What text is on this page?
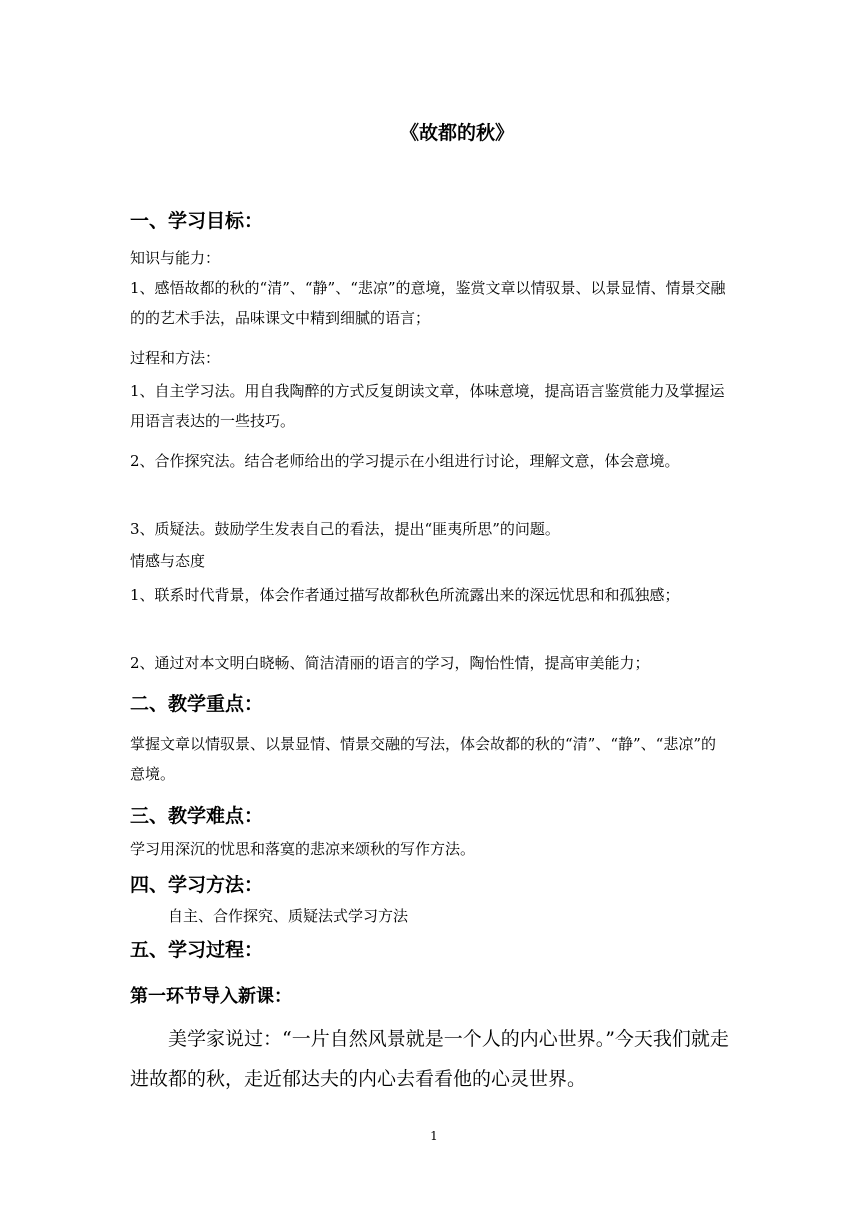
《故都的秋》
一、学习目标：
知识与能力：
1、感悟故都的秋的“清”、“静”、“悲凉”的意境，鉴赏文章以情驭景、以景显情、情景交融的的艺术手法，品味课文中精到细腻的语言；
过程和方法：
1、自主学习法。用自我陶醉的方式反复朗读文章，体味意境，提高语言鉴赏能力及掌握运用语言表达的一些技巧。
2、合作探究法。结合老师给出的学习提示在小组进行讨论，理解文意，体会意境。
3、质疑法。鼓励学生发表自己的看法，提出“匪夷所思”的问题。
情感与态度
1、联系时代背景，体会作者通过描写故都秋色所流露出来的深远忧思和和孤独感；
2、通过对本文明白晓畅、简洁清丽的语言的学习，陶怡性情，提高审美能力；
二、教学重点：
掌握文章以情驭景、以景显情、情景交融的写法，体会故都的秋的“清”、“静”、“悲凉”的意境。
三、教学难点：
学习用深沉的忧思和落寞的悲凉来颂秋的写作方法。
四、学习方法：
自主、合作探究、质疑法式学习方法
五、学习过程：
第一环节导入新课：
美学家说过：“一片自然风景就是一个人的内心世界。”今天我们就走进故都的秋，走近郁达夫的内心去看看他的心灵世界。
1
